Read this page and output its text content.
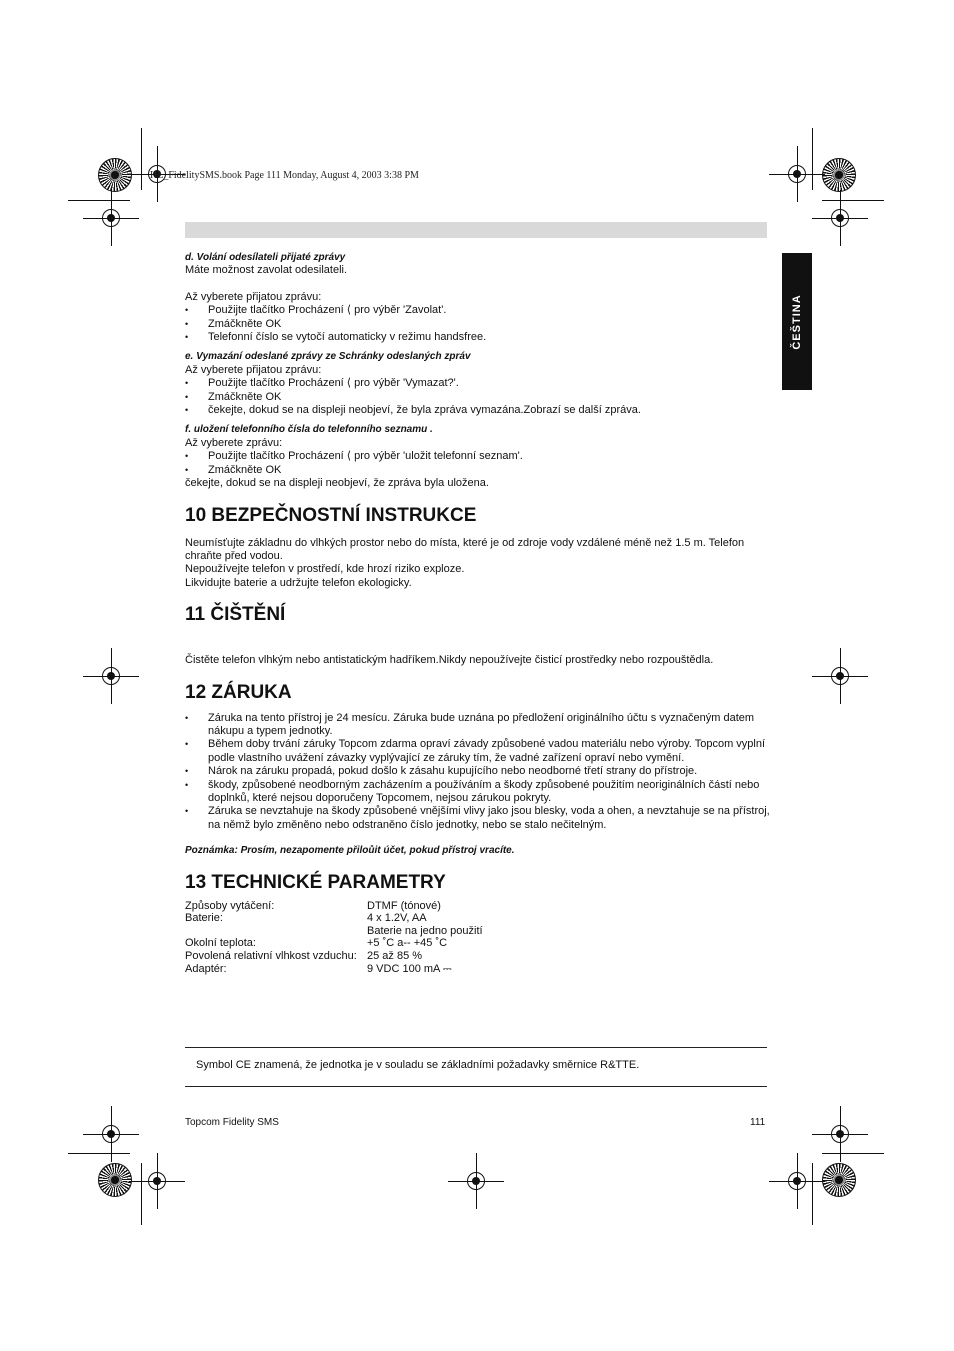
HL_FidelitySMS.book Page 111 Monday, August 4, 2003 3:38 PM
ČEŠTINA

d. Volání odesílateli přijaté zprávy

Máte možnost zavolat odesilateli.

Až vyberete přijatou zprávu:

• Použijte tlačítko Procházení ⟨ pro výběr 'Zavolat'.
• Zmáčkněte OK
• Telefonní číslo se vytočí automaticky v režimu handsfree.

e. Vymazání odeslané zprávy ze Schránky odeslaných zpráv

Až vyberete přijatou zprávu:

• Použijte tlačítko Procházení ⟨ pro výběr 'Vymazat?'.
• Zmáčkněte OK
• čekejte, dokud se na displeji neobjeví, že byla zpráva vymazána.Zobrazí se další zpráva.

f. uložení telefonního čísla do telefonního seznamu .

Až vyberete zprávu:

• Použijte tlačítko Procházení ⟨ pro výběr 'uložit telefonní seznam'.
• Zmáčkněte OK

čekejte, dokud se na displeji neobjeví, že zpráva byla uložena.

10 BEZPEČNOSTNÍ INSTRUKCE

Neumísťujte základnu do vlhkých prostor nebo do místa, které je od zdroje vody vzdálené méně než 1.5 m. Telefon chraňte před vodou.

Nepoužívejte telefon v prostředí, kde hrozí riziko exploze.

Likvidujte baterie a udržujte telefon ekologicky.

11 ČIŠTĚNÍ

Čistěte telefon vlhkým nebo antistatickým hadříkem.Nikdy nepoužívejte čisticí prostředky nebo rozpouštědla.

12 ZÁRUKA
• Záruka na tento přístroj je 24 mesícu. Záruka bude uznána po předložení originálního účtu s vyznačeným datem nákupu a typem jednotky.
• Během doby trvání záruky Topcom zdarma opraví závady způsobené vadou materiálu nebo výroby. Topcom vyplní podle vlastního uvážení závazky vyplývající ze záruky tím, že vadné zařízení opraví nebo vymění.
• Nárok na záruku propadá, pokud došlo k zásahu kupujícího nebo neodborné třetí strany do přístroje.
• škody, způsobené neodborným zacházením a používáním a škody způsobené použitím neoriginálních částí nebo doplnků, které nejsou doporučeny Topcomem, nejsou zárukou pokryty.
• Záruka se nevztahuje na škody způsobené vnějšími vlivy jako jsou blesky, voda a ohen, a nevztahuje se na přístroj, na němž bylo změněno nebo odstraněno číslo jednotky, nebo se stalo nečitelným.

Poznámka: Prosím, nezapomente přiloůit účet, pokud přístroj vracíte.

13 TECHNICKÉ PARAMETRY
Způsoby vytáčení:	DTMF (tónové)
Baterie:	4 x 1.2V, AA
	Baterie na jedno použití
Okolní teplota:	+5 ˚C a-- +45 ˚C
Povolená relativní vlhkost vzduchu:	25 až 85 %
Adaptér:	9 VDC 100 mA ⎓
Symbol CE znamená, že jednotka je v souladu se základními požadavky směrnice R&TTE.
Topcom Fidelity SMS	111
